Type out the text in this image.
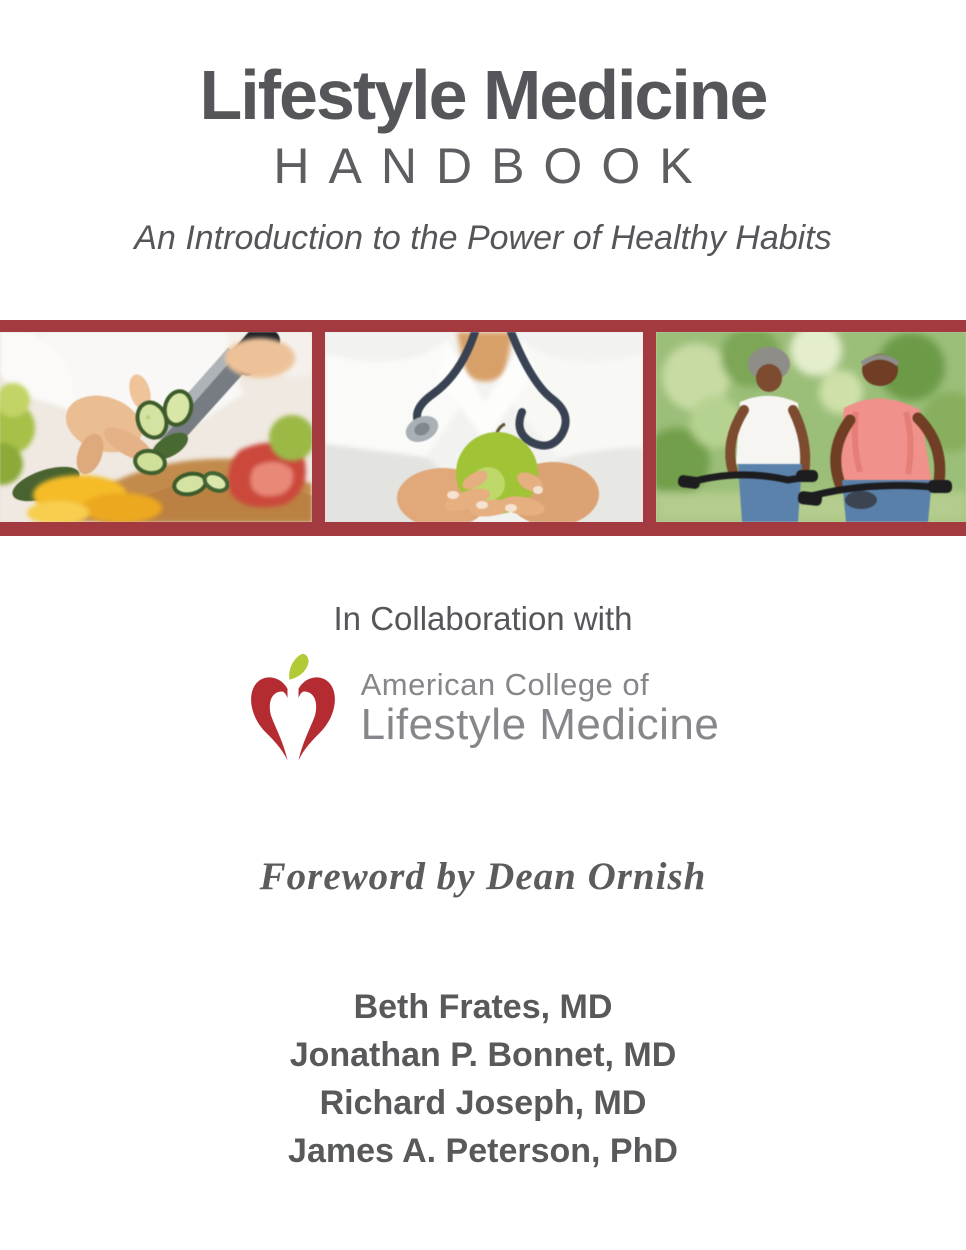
Lifestyle Medicine
HANDBOOK
An Introduction to the Power of Healthy Habits
In Collaboration with
American College of
Lifestyle Medicine
Foreword by Dean Ornish
Beth Frates, MD
Jonathan P. Bonnet, MD
Richard Joseph, MD
James A. Peterson, PhD
